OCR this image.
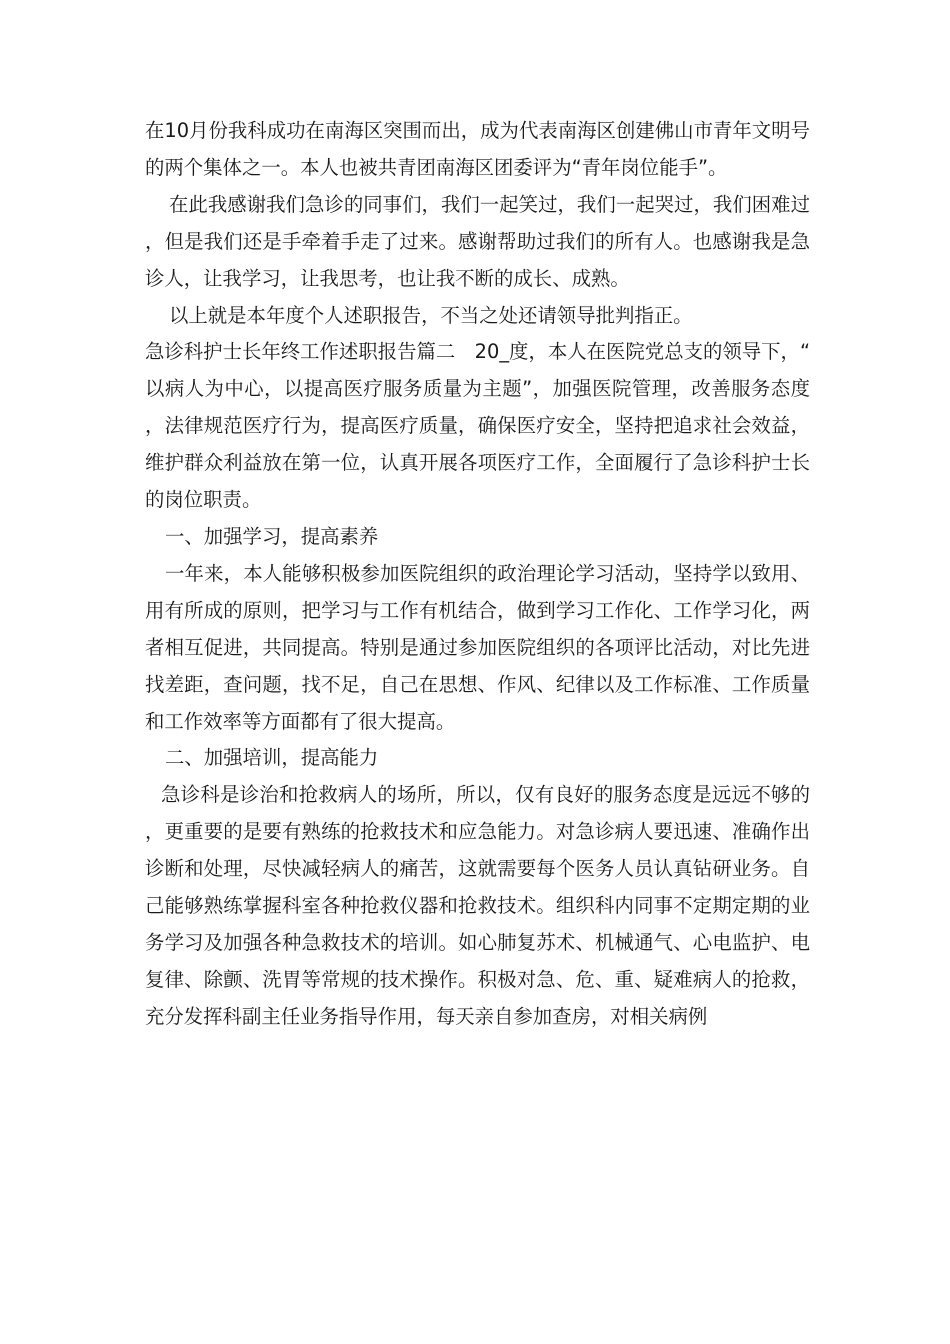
在10月份我科成功在南海区突围而出，成为代表南海区创建佛山市青年文明号的两个集体之一。本人也被共青团南海区团委评为“青年岗位能手”。

在此我感谢我们急诊的同事们，我们一起笑过，我们一起哭过，我们困难过，但是我们还是手牵着手走了过来。感谢帮助过我们的所有人。也感谢我是急诊人，让我学习，让我思考，也让我不断的成长、成熟。

以上就是本年度个人述职报告，不当之处还请领导批判指正。

急诊科护士长年终工作述职报告篇二　20_度，本人在医院党总支的领导下，“以病人为中心，以提高医疗服务质量为主题”，加强医院管理，改善服务态度，法律规范医疗行为，提高医疗质量，确保医疗安全，坚持把追求社会效益，维护群众利益放在第一位，认真开展各项医疗工作，全面履行了急诊科护士长的岗位职责。

一、加强学习，提高素养

一年来，本人能够积极参加医院组织的政治理论学习活动，坚持学以致用、用有所成的原则，把学习与工作有机结合，做到学习工作化、工作学习化，两者相互促进，共同提高。特别是通过参加医院组织的各项评比活动，对比先进找差距，查问题，找不足，自己在思想、作风、纪律以及工作标准、工作质量和工作效率等方面都有了很大提高。

二、加强培训，提高能力

急诊科是诊治和抢救病人的场所，所以，仅有良好的服务态度是远远不够的，更重要的是要有熟练的抢救技术和应急能力。对急诊病人要迅速、准确作出诊断和处理，尽快减轻病人的痛苦，这就需要每个医务人员认真钻研业务。自己能够熟练掌握科室各种抢救仪器和抢救技术。组织科内同事不定期定期的业务学习及加强各种急救技术的培训。如心肺复苏术、机械通气、心电监护、电复律、除颤、洗胃等常规的技术操作。积极对急、危、重、疑难病人的抢救，充分发挥科副主任业务指导作用，每天亲自参加查房，对相关病例
